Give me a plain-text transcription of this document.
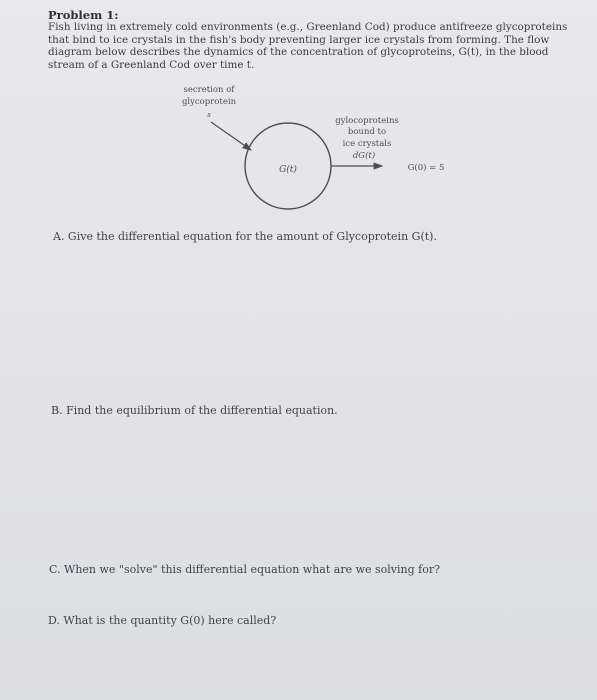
Problem 1:
Fish living in extremely cold environments (e.g., Greenland Cod) produce antifreeze glycoproteins
that bind to ice crystals in the fish's body preventing larger ice crystals from forming. The flow
diagram below describes the dynamics of the concentration of glycoproteins, G(t), in the blood
stream of a Greenland Cod over time t.
secretion of
glycoprotein
s
G(t)
gylocoproteins
bound to
ice crystals
dG(t)
G(0) = 5
A. Give the differential equation for the amount of Glycoprotein G(t).
B. Find the equilibrium of the differential equation.
C. When we "solve" this differential equation what are we solving for?
D. What is the quantity G(0) here called?
